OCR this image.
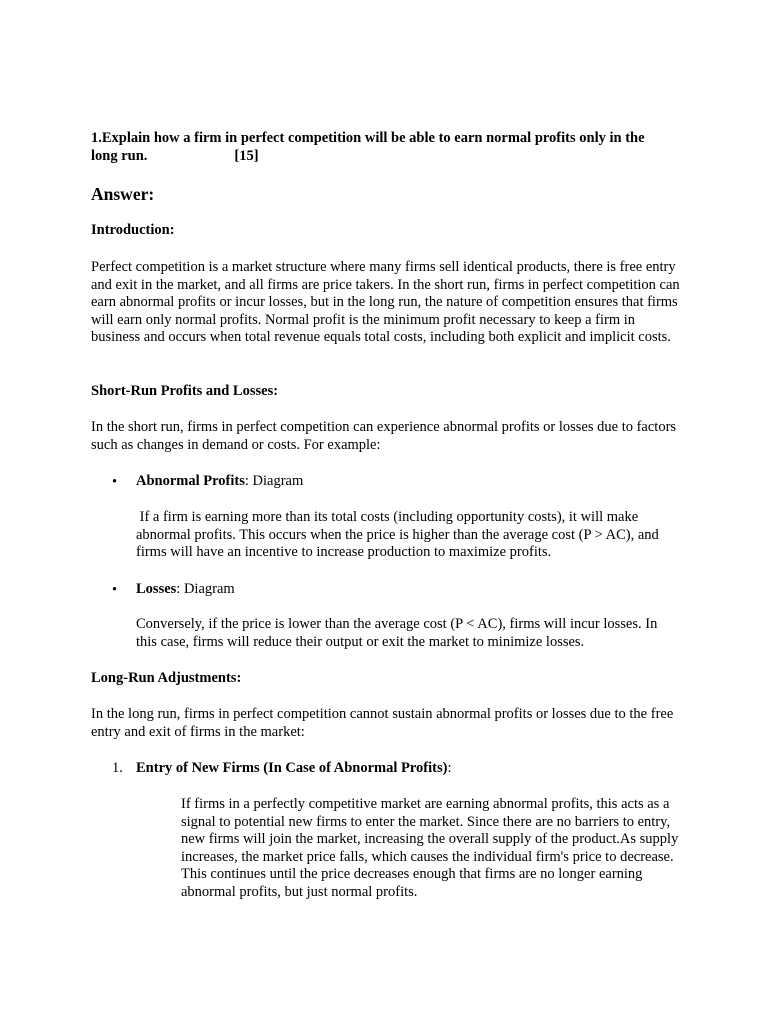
1.Explain how a firm in perfect competition will be able to earn normal profits only in the
long run.	[15]
Answer:
Introduction:
Perfect competition is a market structure where many firms sell identical products, there is free entry and exit in the market, and all firms are price takers. In the short run, firms in perfect competition can earn abnormal profits or incur losses, but in the long run, the nature of competition ensures that firms will earn only normal profits. Normal profit is the minimum profit necessary to keep a firm in business and occurs when total revenue equals total costs, including both explicit and implicit costs.
Short-Run Profits and Losses:
In the short run, firms in perfect competition can experience abnormal profits or losses due to factors such as changes in demand or costs. For example:
• Abnormal Profits: Diagram
If a firm is earning more than its total costs (including opportunity costs), it will make abnormal profits. This occurs when the price is higher than the average cost (P > AC), and firms will have an incentive to increase production to maximize profits.
• Losses: Diagram
Conversely, if the price is lower than the average cost (P < AC), firms will incur losses. In this case, firms will reduce their output or exit the market to minimize losses.
Long-Run Adjustments:
In the long run, firms in perfect competition cannot sustain abnormal profits or losses due to the free entry and exit of firms in the market:
1. Entry of New Firms (In Case of Abnormal Profits):
If firms in a perfectly competitive market are earning abnormal profits, this acts as a signal to potential new firms to enter the market. Since there are no barriers to entry, new firms will join the market, increasing the overall supply of the product.As supply increases, the market price falls, which causes the individual firm's price to decrease. This continues until the price decreases enough that firms are no longer earning abnormal profits, but just normal profits.
